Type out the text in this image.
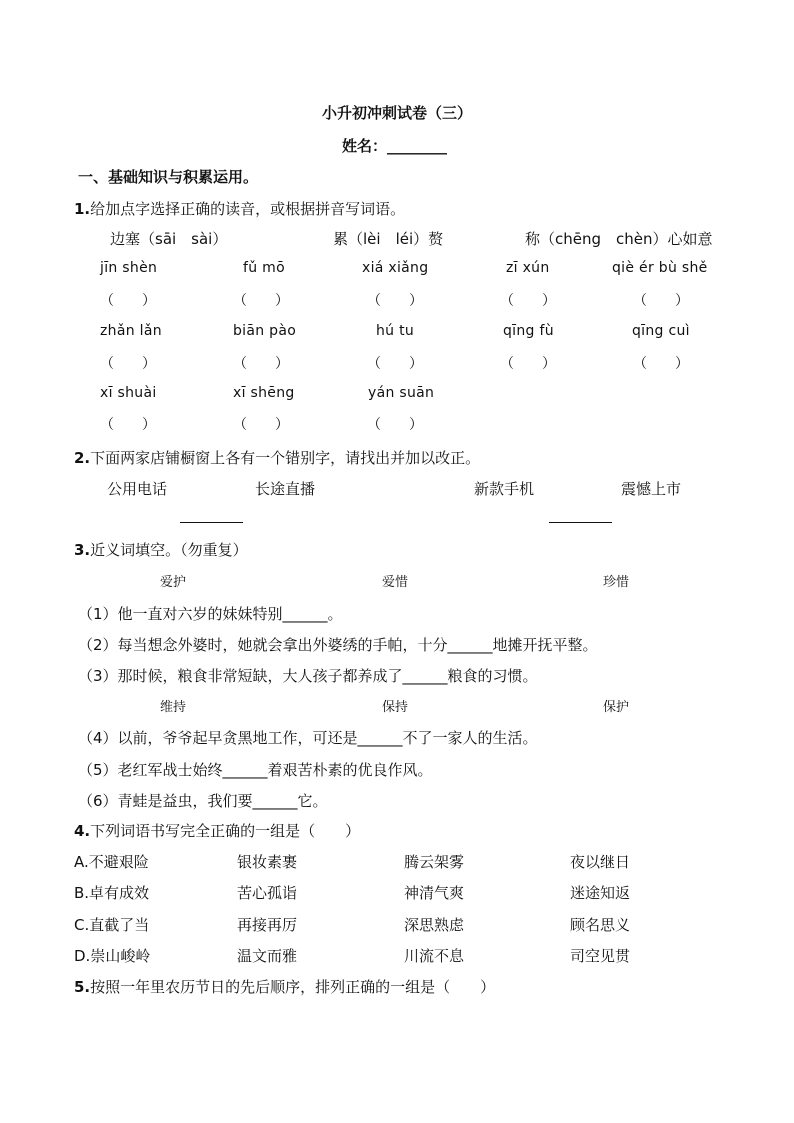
小升初冲刺试卷（三）
姓名：________
一、基础知识与积累运用。
1.给加点字选择正确的读音，或根据拼音写词语。
边塞（sāi　sài）	累（lèi　léi）赘	称（chēng　chèn）心如意
jīn shèn	fǔ mō	xiá xiǎng	zī xún	qiè ér bù shě
（　　）	（　　）	（　　）	（　　）	（　　）
zhǎn lǎn	biān pào	hú tu	qīng fù	qīng cuì
（　　）	（　　）	（　　）	（　　）	（　　）
xī shuài	xī shēng	yán suān
（　　）	（　　）	（　　）
2.下面两家店铺橱窗上各有一个错别字，请找出并加以改正。
公用电话	长途直播	新款手机	震憾上市
3.近义词填空。（勿重复）
爱护	爱惜	珍惜
（1）他一直对六岁的妹妹特别______。
（2）每当想念外婆时，她就会拿出外婆绣的手帕，十分______地摊开抚平整。
（3）那时候，粮食非常短缺，大人孩子都养成了______粮食的习惯。
维持	保持	保护
（4）以前，爷爷起早贪黑地工作，可还是______不了一家人的生活。
（5）老红军战士始终______着艰苦朴素的优良作风。
（6）青蛙是益虫，我们要______它。
4.下列词语书写完全正确的一组是（　　）
A.不避艰险	银妆素裹	腾云架雾	夜以继日
B.卓有成效	苦心孤诣	神清气爽	迷途知返
C.直截了当	再接再厉	深思熟虑	顾名思义
D.崇山峻岭	温文而雅	川流不息	司空见贯
5.按照一年里农历节日的先后顺序，排列正确的一组是（　　）
